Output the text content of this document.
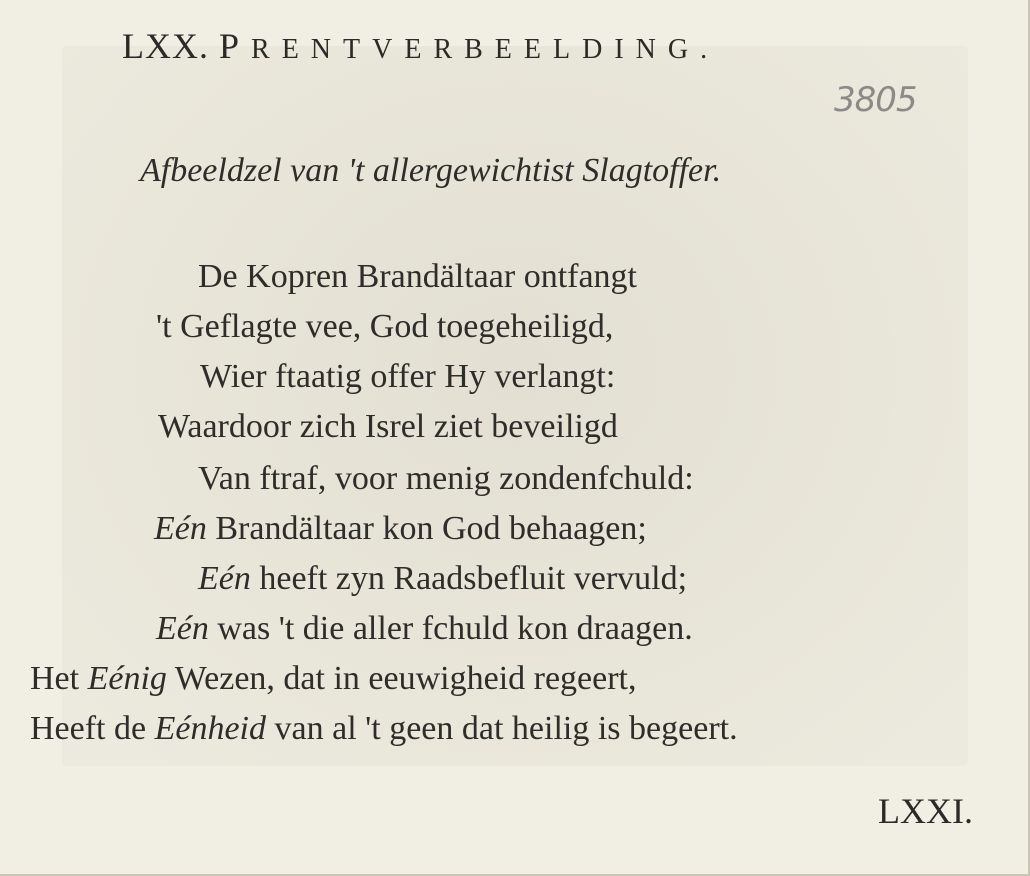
LXX. PRENTVERBEELDING.
3805
Afbeeldzel van 't allergewichtist Slagtoffer.
De Kopren Brandältaar ontfangt
't Geflagte vee, God toegeheiligd,
Wier ftaatig offer Hy verlangt:
Waardoor zich Isrel ziet beveiligd
Van ftraf, voor menig zondenfchuld:
Eén Brandältaar kon God behaagen;
Eén heeft zyn Raadsbefluit vervuld;
Eén was 't die aller fchuld kon draagen.
Het Eénig Wezen, dat in eeuwigheid regeert,
Heeft de Eénheid van al 't geen dat heilig is begeert.
LXXI.
